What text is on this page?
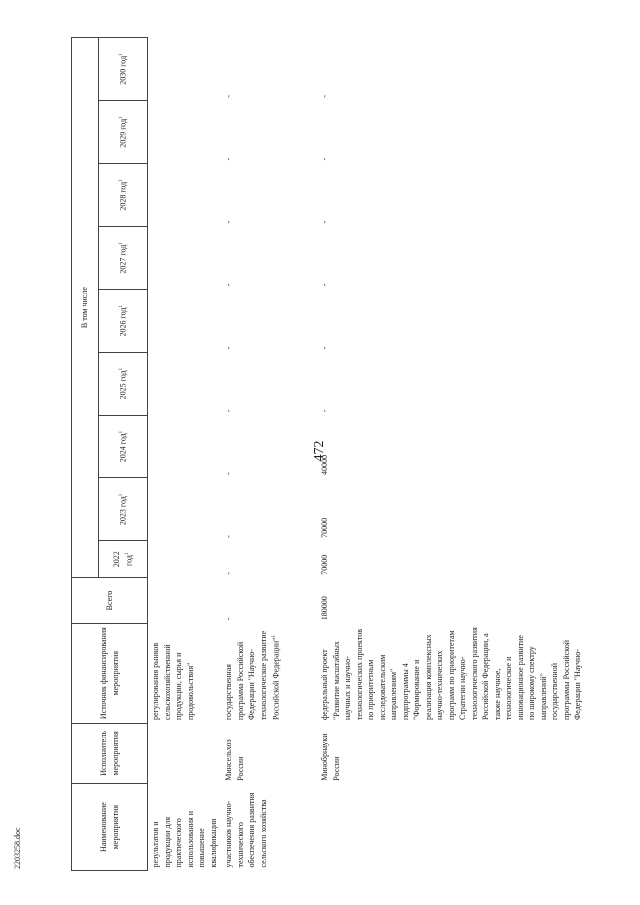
472
2203258.doc	Наименование мероприятия	Исполнитель мероприятия	Источник финансирования мероприятия	Всего	В том числе								
				2022 год$^1$	2023 год$^1$	2024 год$^1$	2025 год$^1$	2026 год$^1$	2027 год$^1$	2028 год$^1$	2029 год$^1$	2030 год$^1$
результатов и продукции для практического использования и повышение квалификации		регулирования рынков сельскохозяйственной продукции, сырья и продовольствия"										
участников научно-технического обеспечения развития сельского хозяйства	Минсельхоз России	государственная программа Российской Федерации "Научно-технологическое развитие Российской Федерации"$^1$	-	-	-	-	-	-	-	-	-	-
	Минобрнауки России	федеральный проект "Развитие масштабных научных и научно-технологических проектов по приоритетным исследовательским направлениям" подпрограммы 4 "Формирование и реализация комплексных научно-технических программ по приоритетам Стратегии научно-технологического развития Российской Федерации, а также научное, технологическое и инновационное развитие по широкому спектру направлений" государственной программы Российской Федерации "Научно-	180000	70000	70000	40000	-	-	-	-	-	-
